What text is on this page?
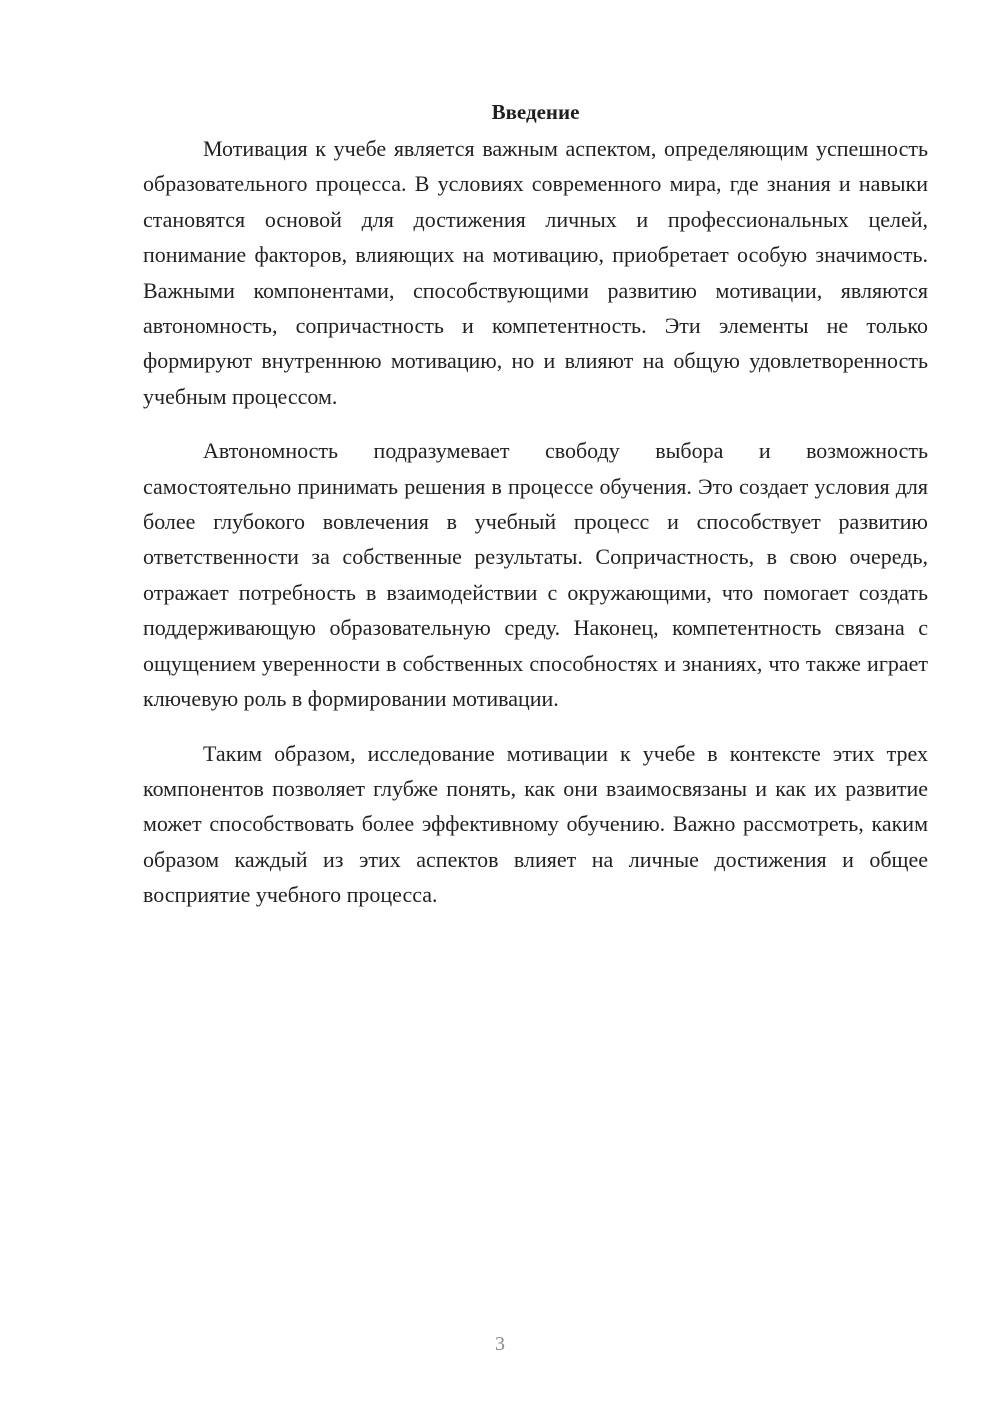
Введение

Мотивация к учебе является важным аспектом, определяющим успешность образовательного процесса. В условиях современного мира, где знания и навыки становятся основой для достижения личных и профессиональных целей, понимание факторов, влияющих на мотивацию, приобретает особую значимость. Важными компонентами, способствующими развитию мотивации, являются автономность, сопричастность и компетентность. Эти элементы не только формируют внутреннюю мотивацию, но и влияют на общую удовлетворенность учебным процессом.

Автономность подразумевает свободу выбора и возможность самостоятельно принимать решения в процессе обучения. Это создает условия для более глубокого вовлечения в учебный процесс и способствует развитию ответственности за собственные результаты. Сопричастность, в свою очередь, отражает потребность в взаимодействии с окружающими, что помогает создать поддерживающую образовательную среду. Наконец, компетентность связана с ощущением уверенности в собственных способностях и знаниях, что также играет ключевую роль в формировании мотивации.

Таким образом, исследование мотивации к учебе в контексте этих трех компонентов позволяет глубже понять, как они взаимосвязаны и как их развитие может способствовать более эффективному обучению. Важно рассмотреть, каким образом каждый из этих аспектов влияет на личные достижения и общее восприятие учебного процесса.

3
